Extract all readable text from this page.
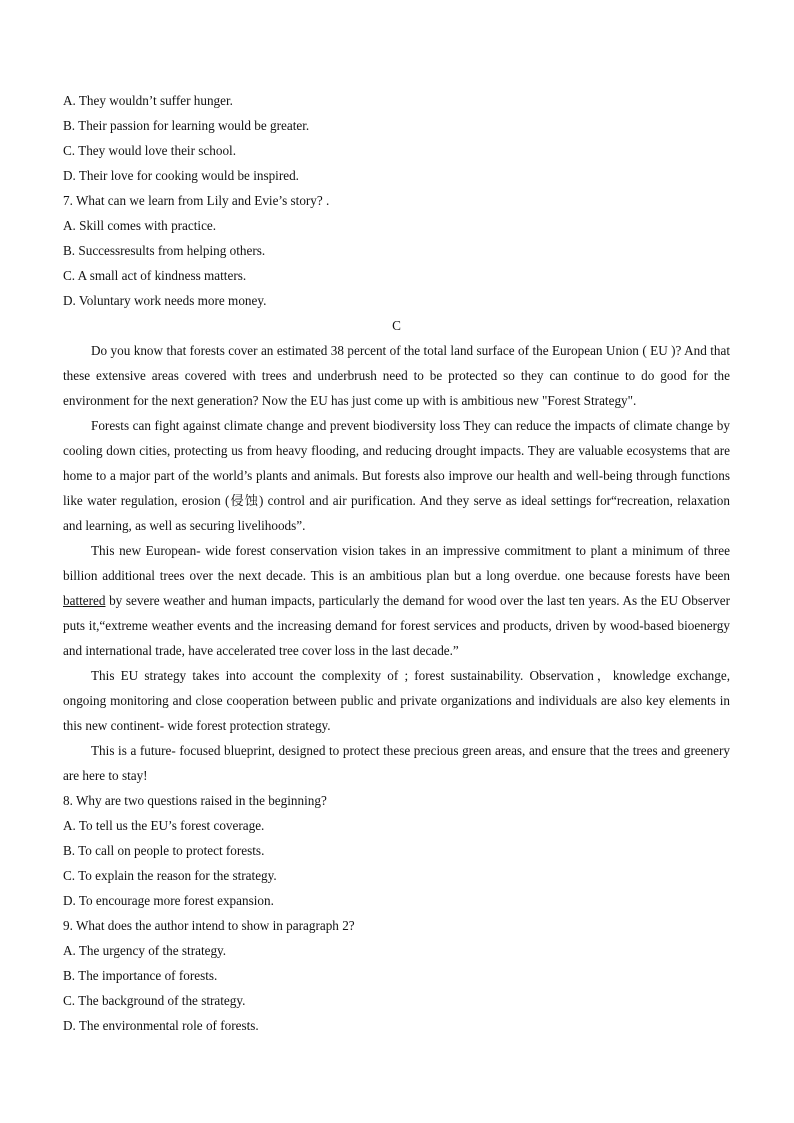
A. They wouldn’t suffer hunger.
B. Their passion for learning would be greater.
C. They would love their school.
D. Their love for cooking would be inspired.
7. What can we learn from Lily and Evie’s story? .
A. Skill comes with practice.
B. Successresults from helping others.
C. A small act of kindness matters.
D. Voluntary work needs more money.
C

Do you know that forests cover an estimated 38 percent of the total land surface of the European Union ( EU )? And that these extensive areas covered with trees and underbrush need to be protected so they can continue to do good for the environment for the next generation? Now the EU has just come up with is ambitious new "Forest Strategy".

Forests can fight against climate change and prevent biodiversity loss They can reduce the impacts of climate change by cooling down cities, protecting us from heavy flooding, and reducing drought impacts. They are valuable ecosystems that are home to a major part of the world’s plants and animals. But forests also improve our health and well-being through functions like water regulation, erosion (侵蚀) control and air purification. And they serve as ideal settings for“recreation, relaxation and learning, as well as securing livelihoods”.

This new European- wide forest conservation vision takes in an impressive commitment to plant a minimum of three billion additional trees over the next decade. This is an ambitious plan but a long overdue. one because forests have been battered by severe weather and human impacts, particularly the demand for wood over the last ten years. As the EU Observer puts it,“extreme weather events and the increasing demand for forest services and products, driven by wood-based bioenergy and international trade, have accelerated tree cover loss in the last decade.”

This EU strategy takes into account the complexity of ; forest sustainability. Observation，knowledge exchange, ongoing monitoring and close cooperation between public and private organizations and individuals are also key elements in this new continent- wide forest protection strategy.

This is a future- focused blueprint, designed to protect these precious green areas, and ensure that the trees and greenery are here to stay!

8. Why are two questions raised in the beginning?
A. To tell us the EU’s forest coverage.
B. To call on people to protect forests.
C. To explain the reason for the strategy.
D. To encourage more forest expansion.
9. What does the author intend to show in paragraph 2?
A. The urgency of the strategy.
B. The importance of forests.
C. The background of the strategy.
D. The environmental role of forests.
